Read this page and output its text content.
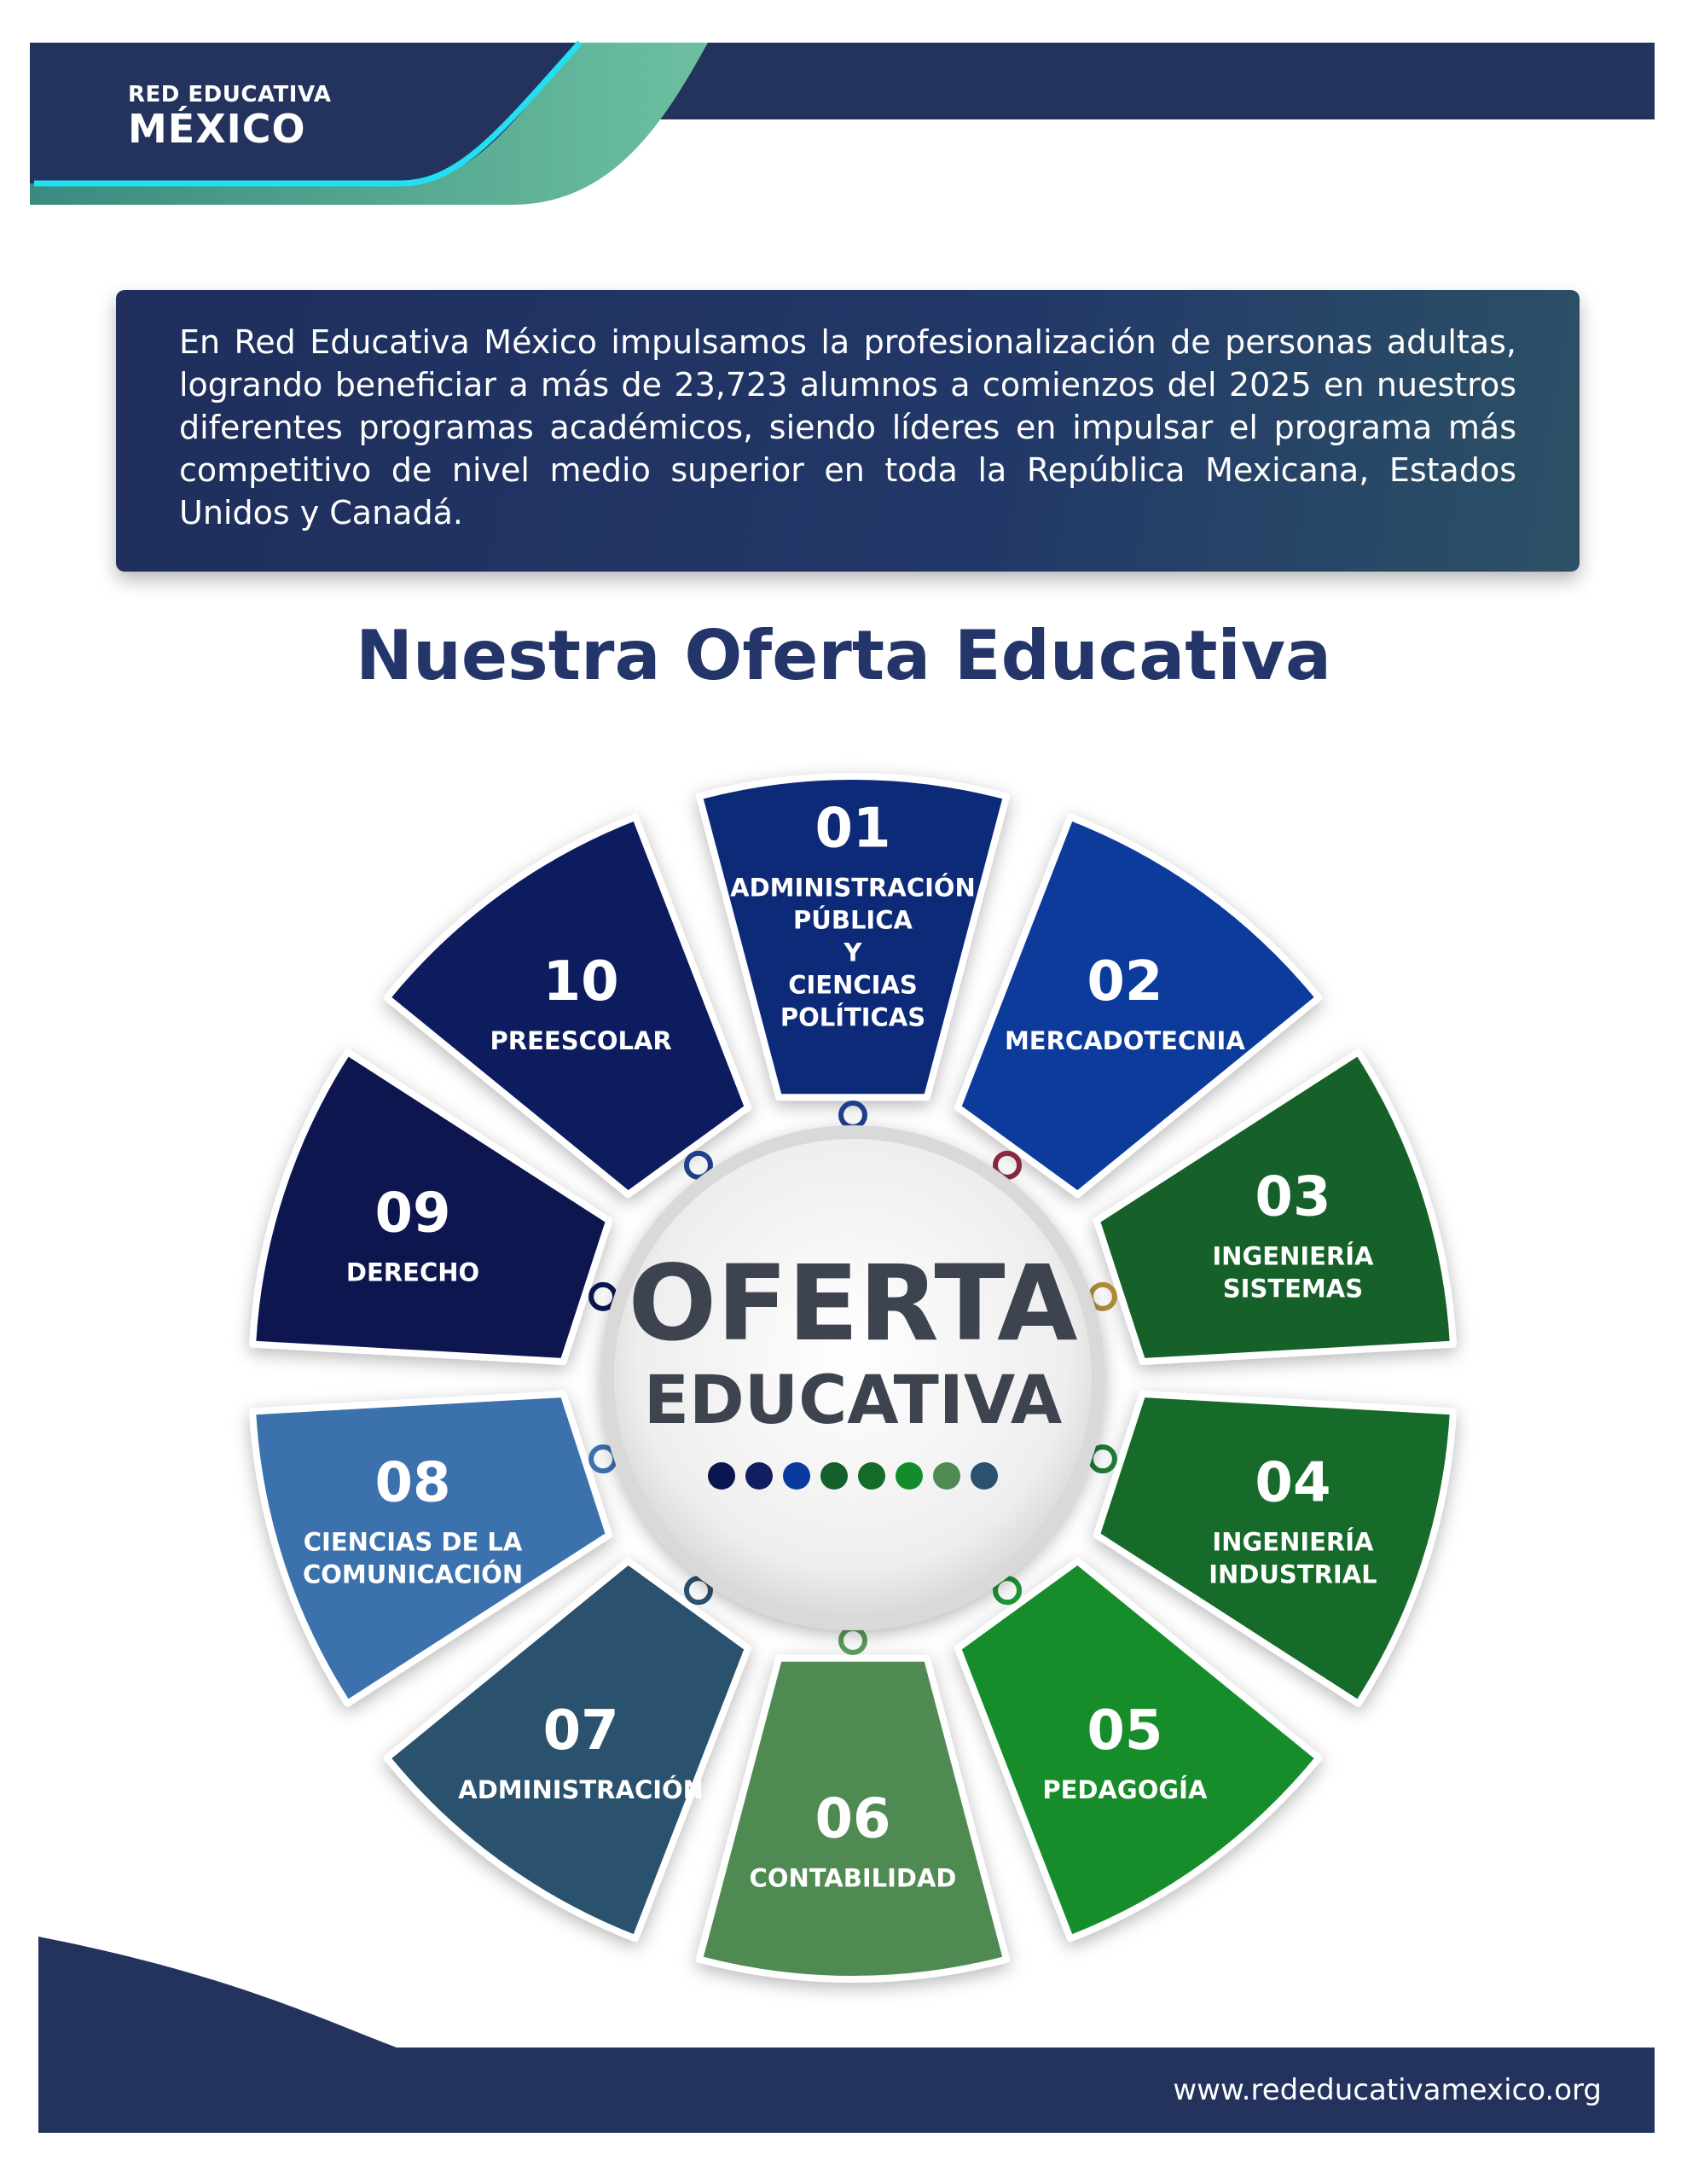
RED EDUCATIVA
MÉXICO
En Red Educativa México impulsamos la profesionalización de personas adultas, logrando beneficiar a más de 23,723 alumnos a comienzos del 2025 en nuestros diferentes programas académicos, siendo líderes en impulsar el programa más competitivo de nivel medio superior en toda la República Mexicana, Estados Unidos y Canadá.
Nuestra Oferta Educativa
01
ADMINISTRACIÓN
PÚBLICA
Y
CIENCIAS
POLÍTICAS
02
MERCADOTECNIA
03
INGENIERÍA
SISTEMAS
04
INGENIERÍA
INDUSTRIAL
05
PEDAGOGÍA
06
CONTABILIDAD
07
ADMINISTRACIÓN
08
CIENCIAS DE LA
COMUNICACIÓN
09
DERECHO
10
PREESCOLAR
OFERTA
EDUCATIVA
www.rededucativamexico.org
